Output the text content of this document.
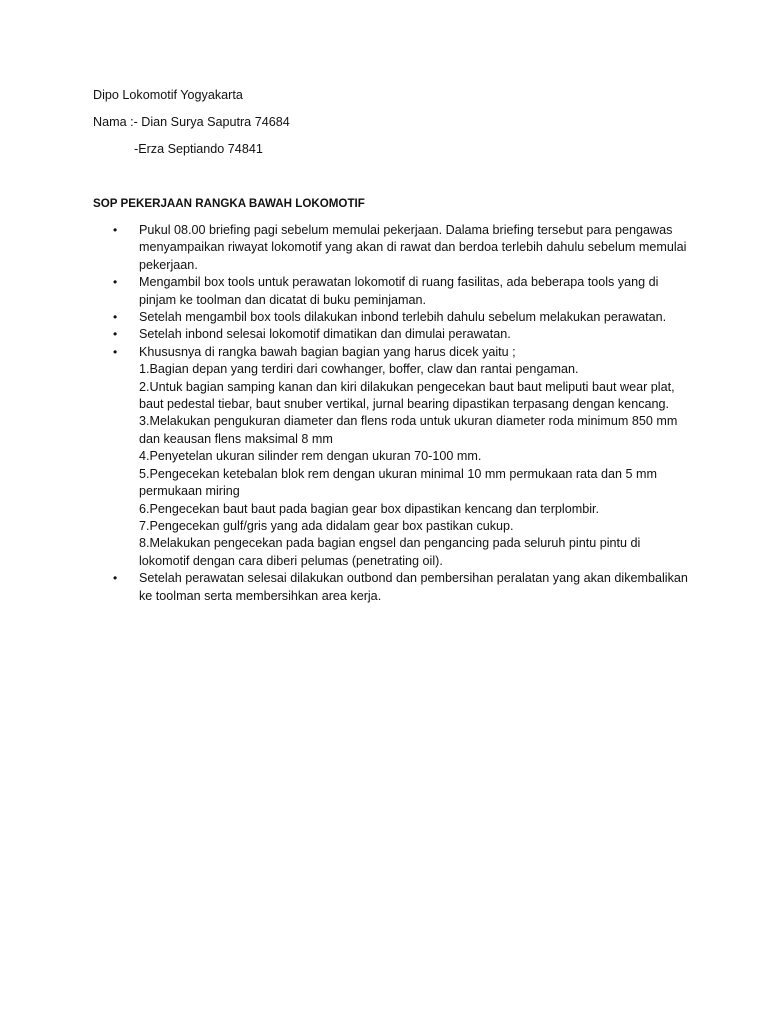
Dipo Lokomotif Yogyakarta
Nama :- Dian Surya Saputra 74684
-Erza Septiando 74841
SOP PEKERJAAN RANGKA BAWAH LOKOMOTIF
• Pukul 08.00 briefing pagi sebelum memulai pekerjaan. Dalama briefing tersebut para pengawas menyampaikan riwayat lokomotif yang akan di rawat dan berdoa terlebih dahulu sebelum memulai pekerjaan.
• Mengambil box tools untuk perawatan lokomotif di ruang fasilitas, ada beberapa tools yang di pinjam ke toolman dan dicatat di buku peminjaman.
• Setelah mengambil box tools dilakukan inbond terlebih dahulu sebelum melakukan perawatan.
• Setelah inbond selesai lokomotif dimatikan dan dimulai perawatan.
• Khususnya di rangka bawah bagian bagian yang harus dicek yaitu ;
1.Bagian depan yang terdiri dari cowhanger, boffer, claw dan rantai pengaman.
2.Untuk bagian samping kanan dan kiri dilakukan pengecekan baut baut meliputi baut wear plat, baut pedestal tiebar, baut snuber vertikal, jurnal bearing dipastikan terpasang dengan kencang.
3.Melakukan pengukuran diameter dan flens roda untuk ukuran diameter roda minimum 850 mm dan keausan flens maksimal 8 mm
4.Penyetelan ukuran silinder rem dengan ukuran 70-100 mm.
5.Pengecekan ketebalan blok rem dengan ukuran minimal 10 mm permukaan rata dan 5 mm permukaan miring
6.Pengecekan baut baut pada bagian gear box dipastikan kencang dan terplombir.
7.Pengecekan gulf/gris yang ada didalam gear box pastikan cukup.
8.Melakukan pengecekan pada bagian engsel dan pengancing pada seluruh pintu pintu di lokomotif dengan cara diberi pelumas (penetrating oil).
• Setelah perawatan selesai dilakukan outbond dan pembersihan peralatan yang akan dikembalikan ke toolman serta membersihkan area kerja.
